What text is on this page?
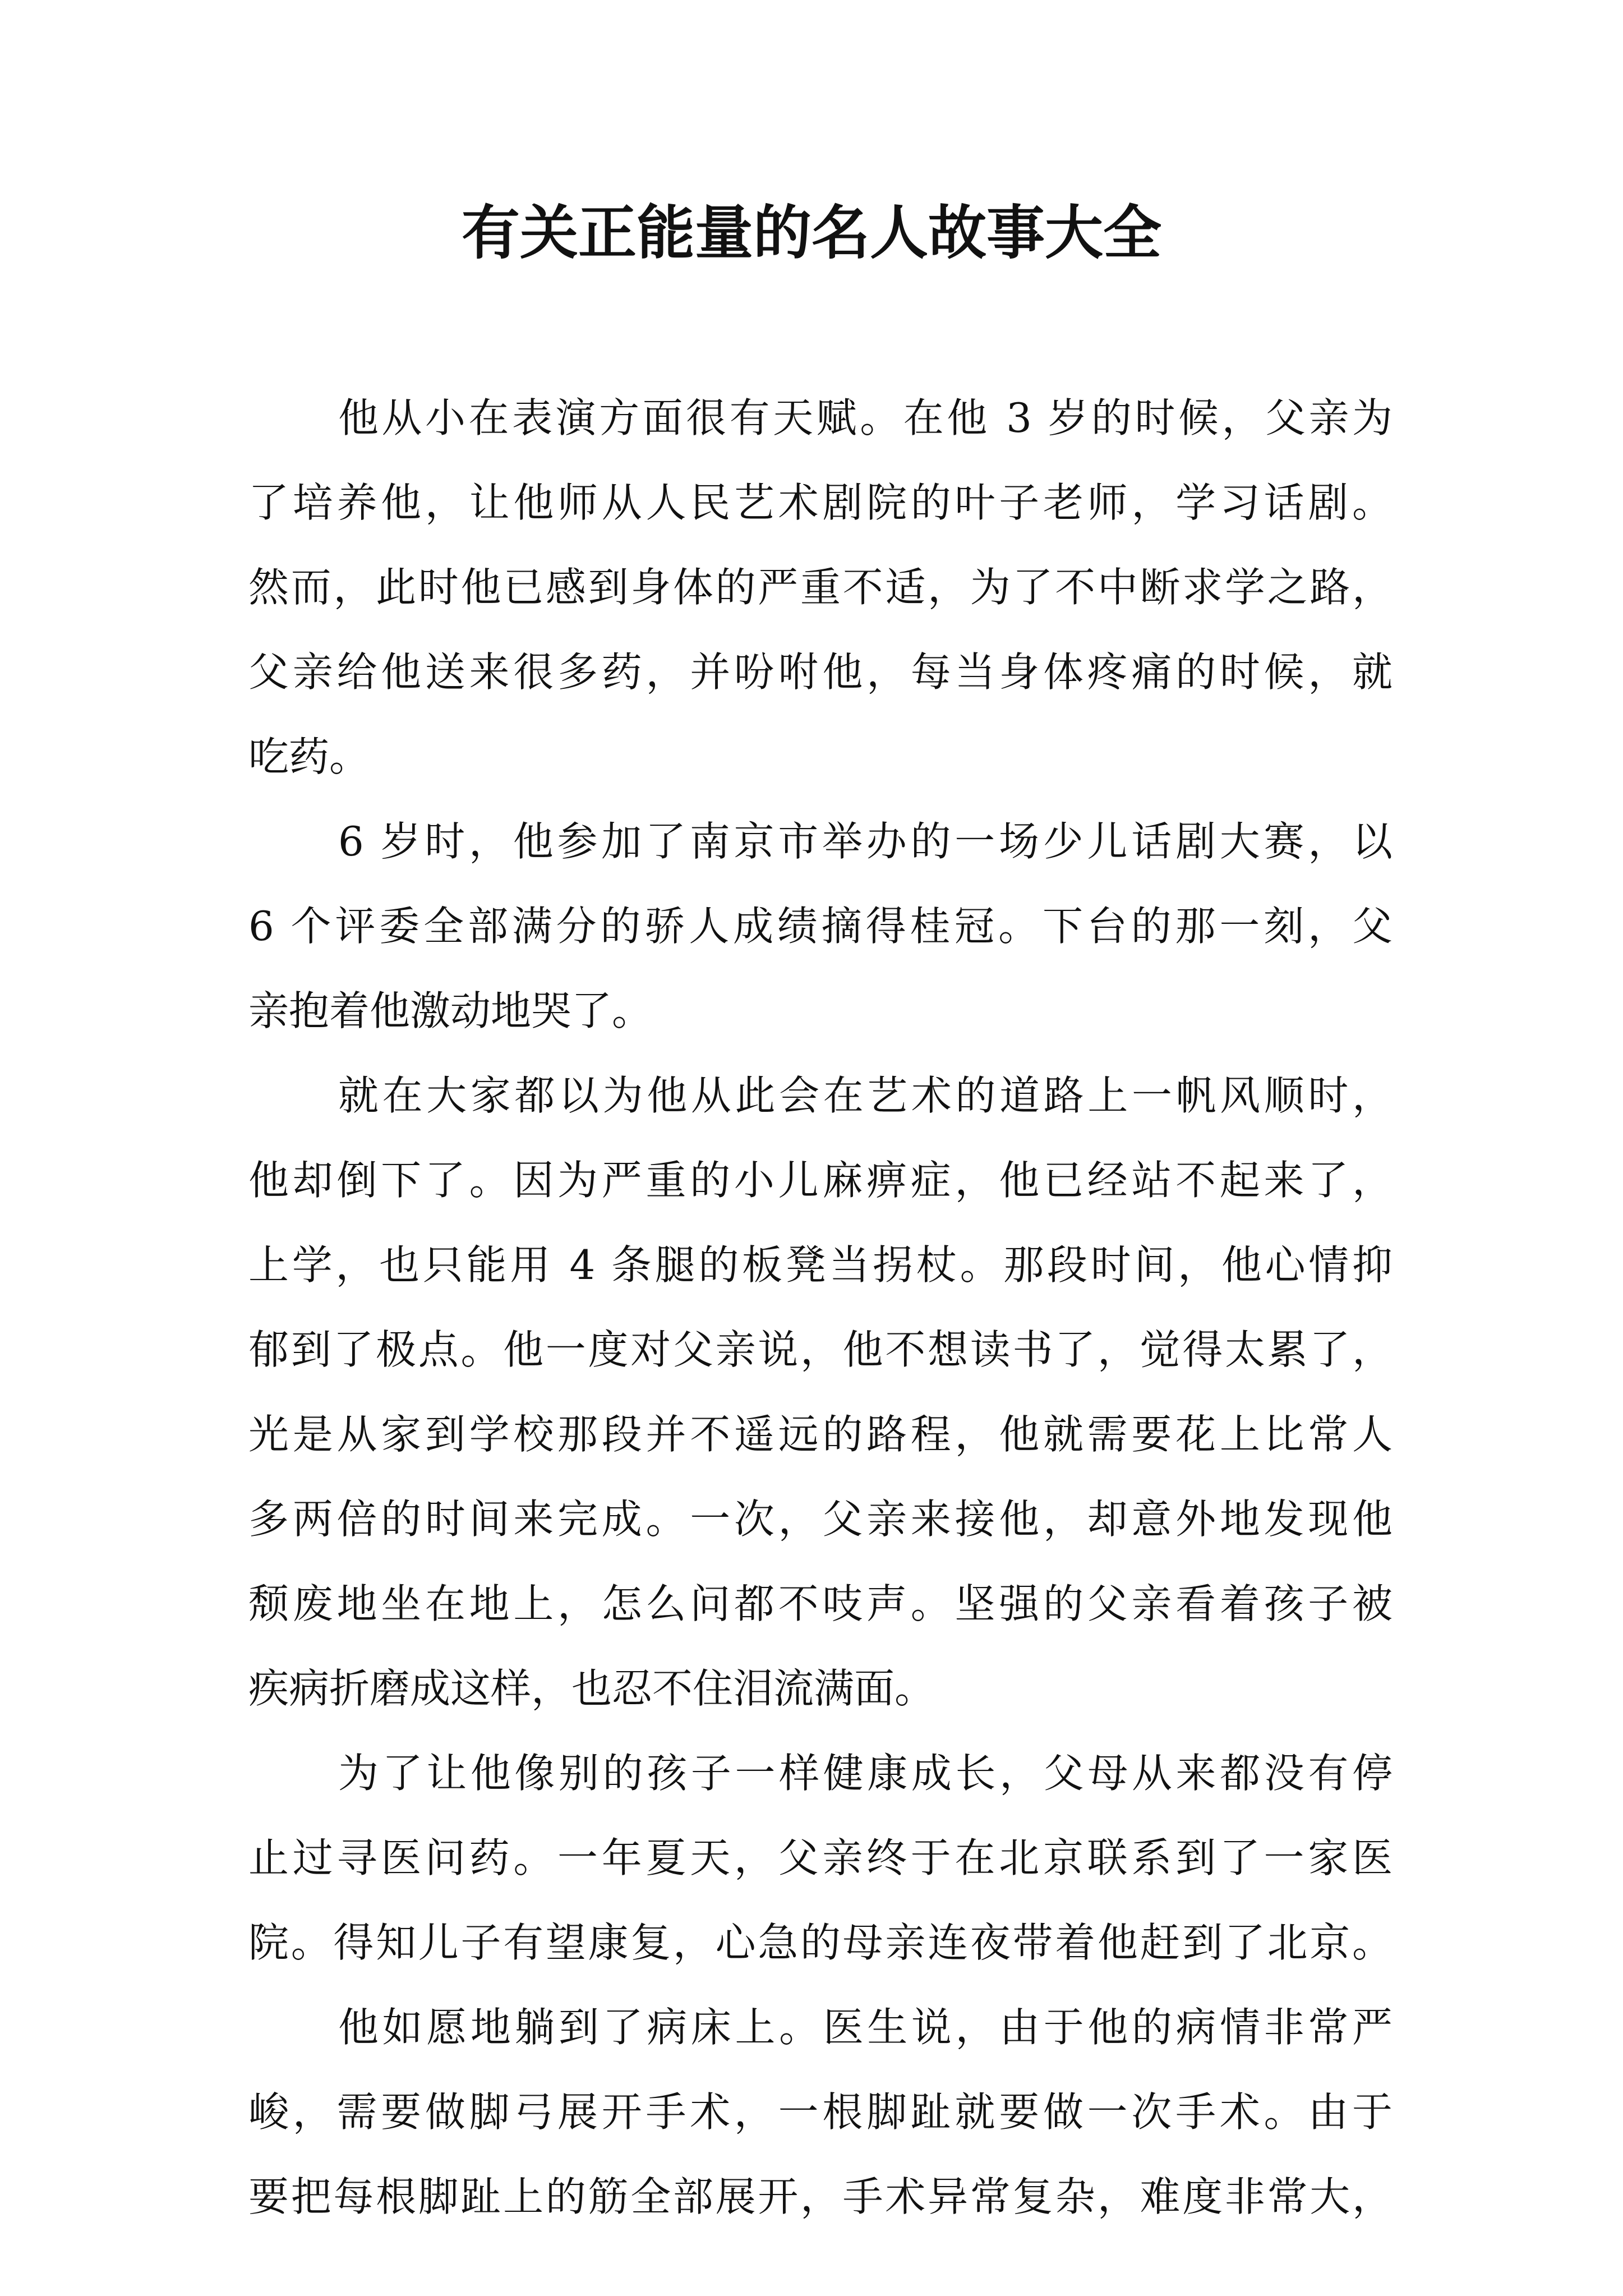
有关正能量的名人故事大全

他从小在表演方面很有天赋。在他 3 岁的时候，父亲为
了培养他，让他师从人民艺术剧院的叶子老师，学习话剧。
然而，此时他已感到身体的严重不适，为了不中断求学之路，
父亲给他送来很多药，并吩咐他，每当身体疼痛的时候，就
吃药。

6 岁时，他参加了南京市举办的一场少儿话剧大赛，以
6 个评委全部满分的骄人成绩摘得桂冠。下台的那一刻，父
亲抱着他激动地哭了。

就在大家都以为他从此会在艺术的道路上一帆风顺时，
他却倒下了。因为严重的小儿麻痹症，他已经站不起来了，
上学，也只能用 4 条腿的板凳当拐杖。那段时间，他心情抑
郁到了极点。他一度对父亲说，他不想读书了，觉得太累了，
光是从家到学校那段并不遥远的路程，他就需要花上比常人
多两倍的时间来完成。一次，父亲来接他，却意外地发现他
颓废地坐在地上，怎么问都不吱声。坚强的父亲看着孩子被
疾病折磨成这样，也忍不住泪流满面。

为了让他像别的孩子一样健康成长，父母从来都没有停
止过寻医问药。一年夏天，父亲终于在北京联系到了一家医
院。得知儿子有望康复，心急的母亲连夜带着他赶到了北京。

他如愿地躺到了病床上。医生说，由于他的病情非常严
峻，需要做脚弓展开手术，一根脚趾就要做一次手术。由于
要把每根脚趾上的筋全部展开，手术异常复杂，难度非常大，
